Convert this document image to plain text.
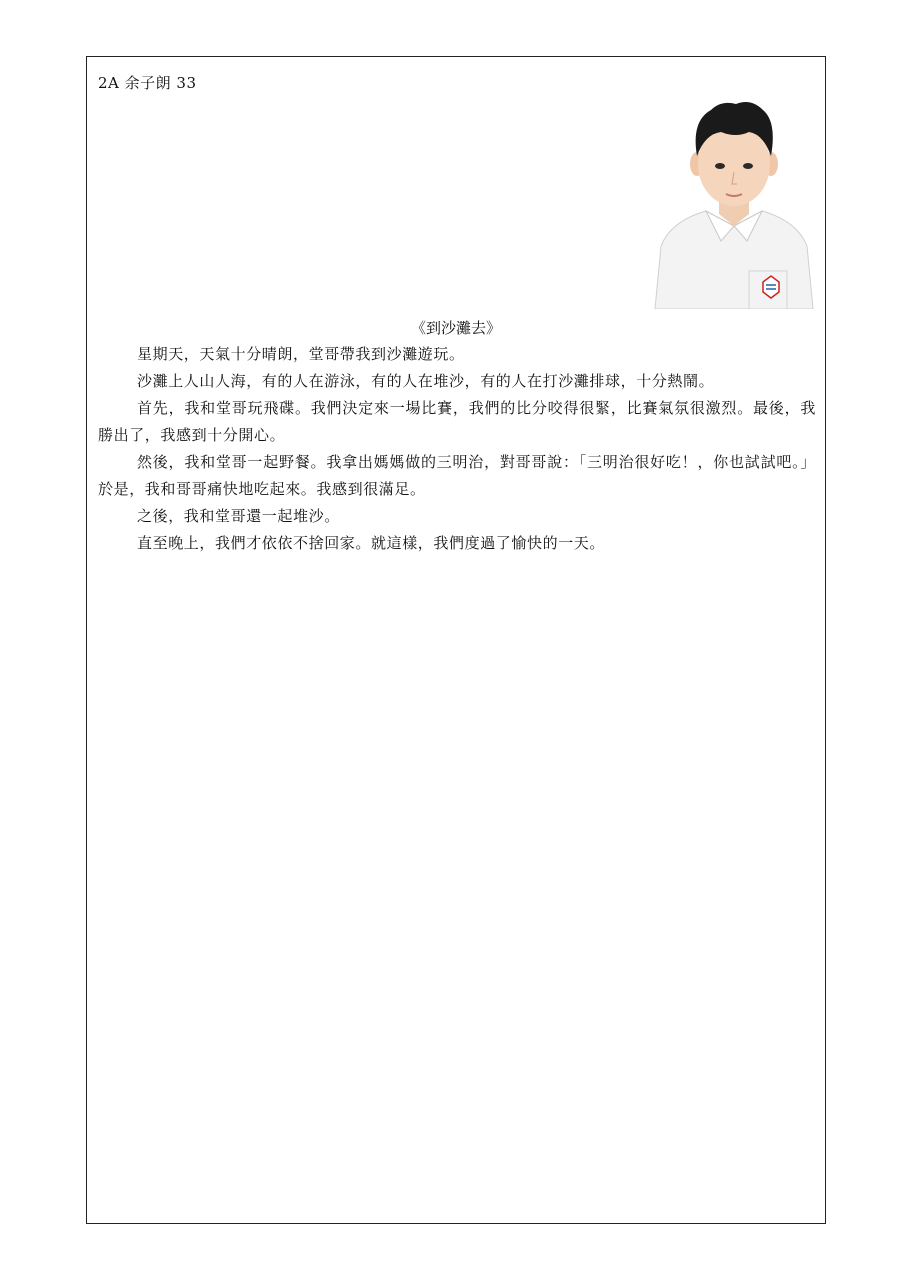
2A 余子朗 33
《到沙灘去》

星期天，天氣十分晴朗，堂哥帶我到沙灘遊玩。

沙灘上人山人海，有的人在游泳，有的人在堆沙，有的人在打沙灘排球，十分熱鬧。

首先，我和堂哥玩飛碟。我們決定來一場比賽，我們的比分咬得很緊，比賽氣氛很激烈。最後，我勝出了，我感到十分開心。

然後，我和堂哥一起野餐。我拿出媽媽做的三明治，對哥哥說：「三明治很好吃！，你也試試吧。」於是，我和哥哥痛快地吃起來。我感到很滿足。

之後，我和堂哥還一起堆沙。

直至晚上，我們才依依不捨回家。就這樣，我們度過了愉快的一天。
